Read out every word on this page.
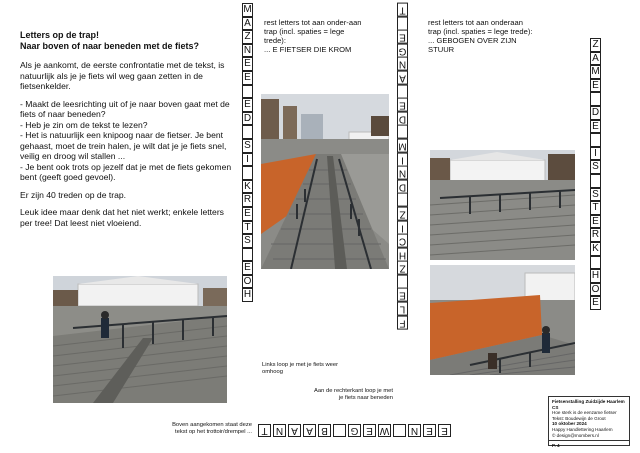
Letters op de trap!
Naar boven of naar beneden met de fiets?

Als je aankomt, de eerste confrontatie met de tekst, is natuurlijk als je je fiets wil weg gaan zetten in de fietsenkelder.

- Maakt de leesrichting uit of je naar boven gaat met de fiets of naar beneden?
- Heb je zin om de tekst te lezen?
- Het is natuurlijk een knipoog naar de fietser. Je bent gehaast, moet de trein halen, je wilt dat je je fiets snel, veilig en droog wil stallen ...
- Je bent ook trots op jezelf dat je met de fiets gekomen bent (geeft goed gevoel).

Er zijn 40 treden op de trap.

Leuk idee maar denk dat het niet werkt; enkele letters per tree! Dat leest niet vloeiend.

M
A
Z
N
E
E
E
D
S
I
K
R
E
T
S
E
O
H
rest letters tot aan onder-aan trap (incl. spaties = lege trede):
... E FIETSER DIE KROM
Links loop je met je fiets weer omhoog
Aan de rechterkant loop je met je fiets naar beneden
T
E
G
N
A
E
D
M
I
N
D
Z
I
C
H
Z
E
L
F
rest letters tot aan onderaan trap (incl. spaties = lege trede):
... GEBOGEN OVER ZIJN STUUR	Z
A
M
E
D
E
I
S
S
T
E
R
K
H
O
E
Boven aangekomen staat deze tekst op het trottoir/drempel ... T N A A B	G E W N E E
Fietsenstalling Zuidzijde Haarlem CS
Hoe sterk is de eenzame fietser
Tekst: Boudewijn de Groot
10 oktober 2024
Happy Handlettering Haarlem
© design@mombers.nl
P. 4
